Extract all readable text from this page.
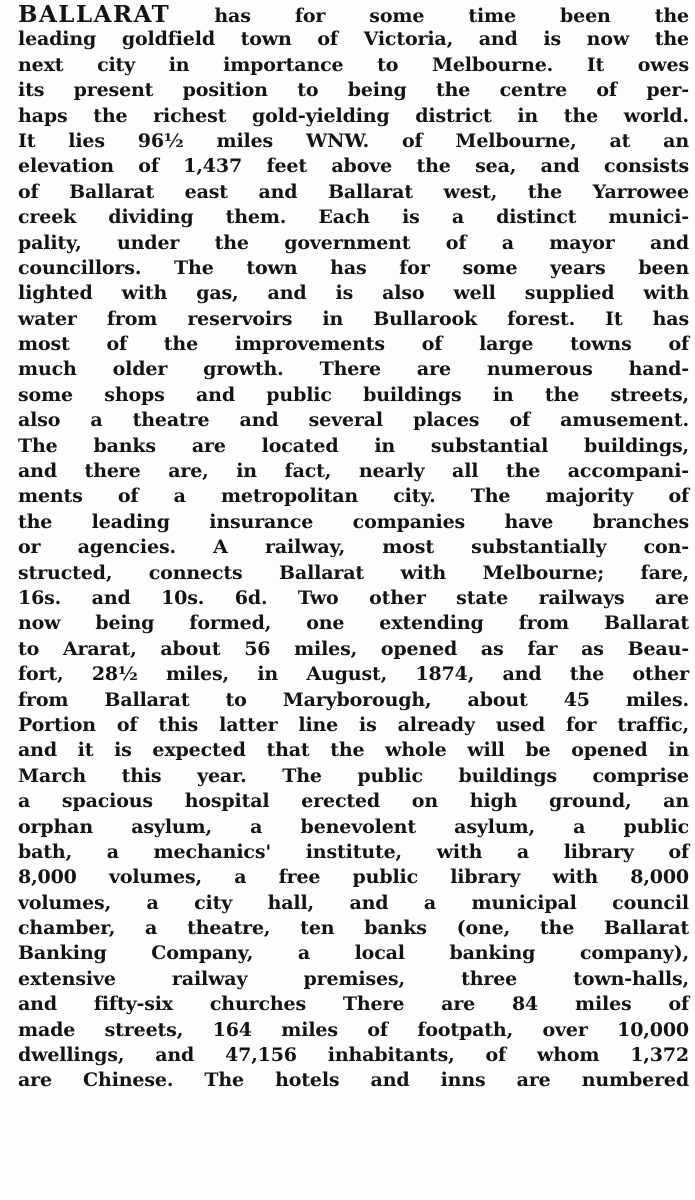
BALLARAT has for some time been the
leading goldfield town of Victoria, and is now the
next city in importance to Melbourne. It owes
its present position to being the centre of per-
haps the richest gold-yielding district in the world.
It lies 96½ miles WNW. of Melbourne, at an
elevation of 1,437 feet above the sea, and consists
of Ballarat east and Ballarat west, the Yarrowee
creek dividing them. Each is a distinct munici-
pality, under the government of a mayor and
councillors. The town has for some years been
lighted with gas, and is also well supplied with
water from reservoirs in Bullarook forest. It has
most of the improvements of large towns of
much older growth. There are numerous hand-
some shops and public buildings in the streets,
also a theatre and several places of amusement.
The banks are located in substantial buildings,
and there are, in fact, nearly all the accompani-
ments of a metropolitan city. The majority of
the leading insurance companies have branches
or agencies. A railway, most substantially con-
structed, connects Ballarat with Melbourne; fare,
16s. and 10s. 6d. Two other state railways are
now being formed, one extending from Ballarat
to Ararat, about 56 miles, opened as far as Beau-
fort, 28½ miles, in August, 1874, and the other
from Ballarat to Maryborough, about 45 miles.
Portion of this latter line is already used for traffic,
and it is expected that the whole will be opened in
March this year. The public buildings comprise
a spacious hospital erected on high ground, an
orphan asylum, a benevolent asylum, a public
bath, a mechanics' institute, with a library of
8,000 volumes, a free public library with 8,000
volumes, a city hall, and a municipal council
chamber, a theatre, ten banks (one, the Ballarat
Banking Company, a local banking company),
extensive railway premises, three town-halls,
and fifty-six churches There are 84 miles of
made streets, 164 miles of footpath, over 10,000
dwellings, and 47,156 inhabitants, of whom 1,372
are Chinese. The hotels and inns are numbered
